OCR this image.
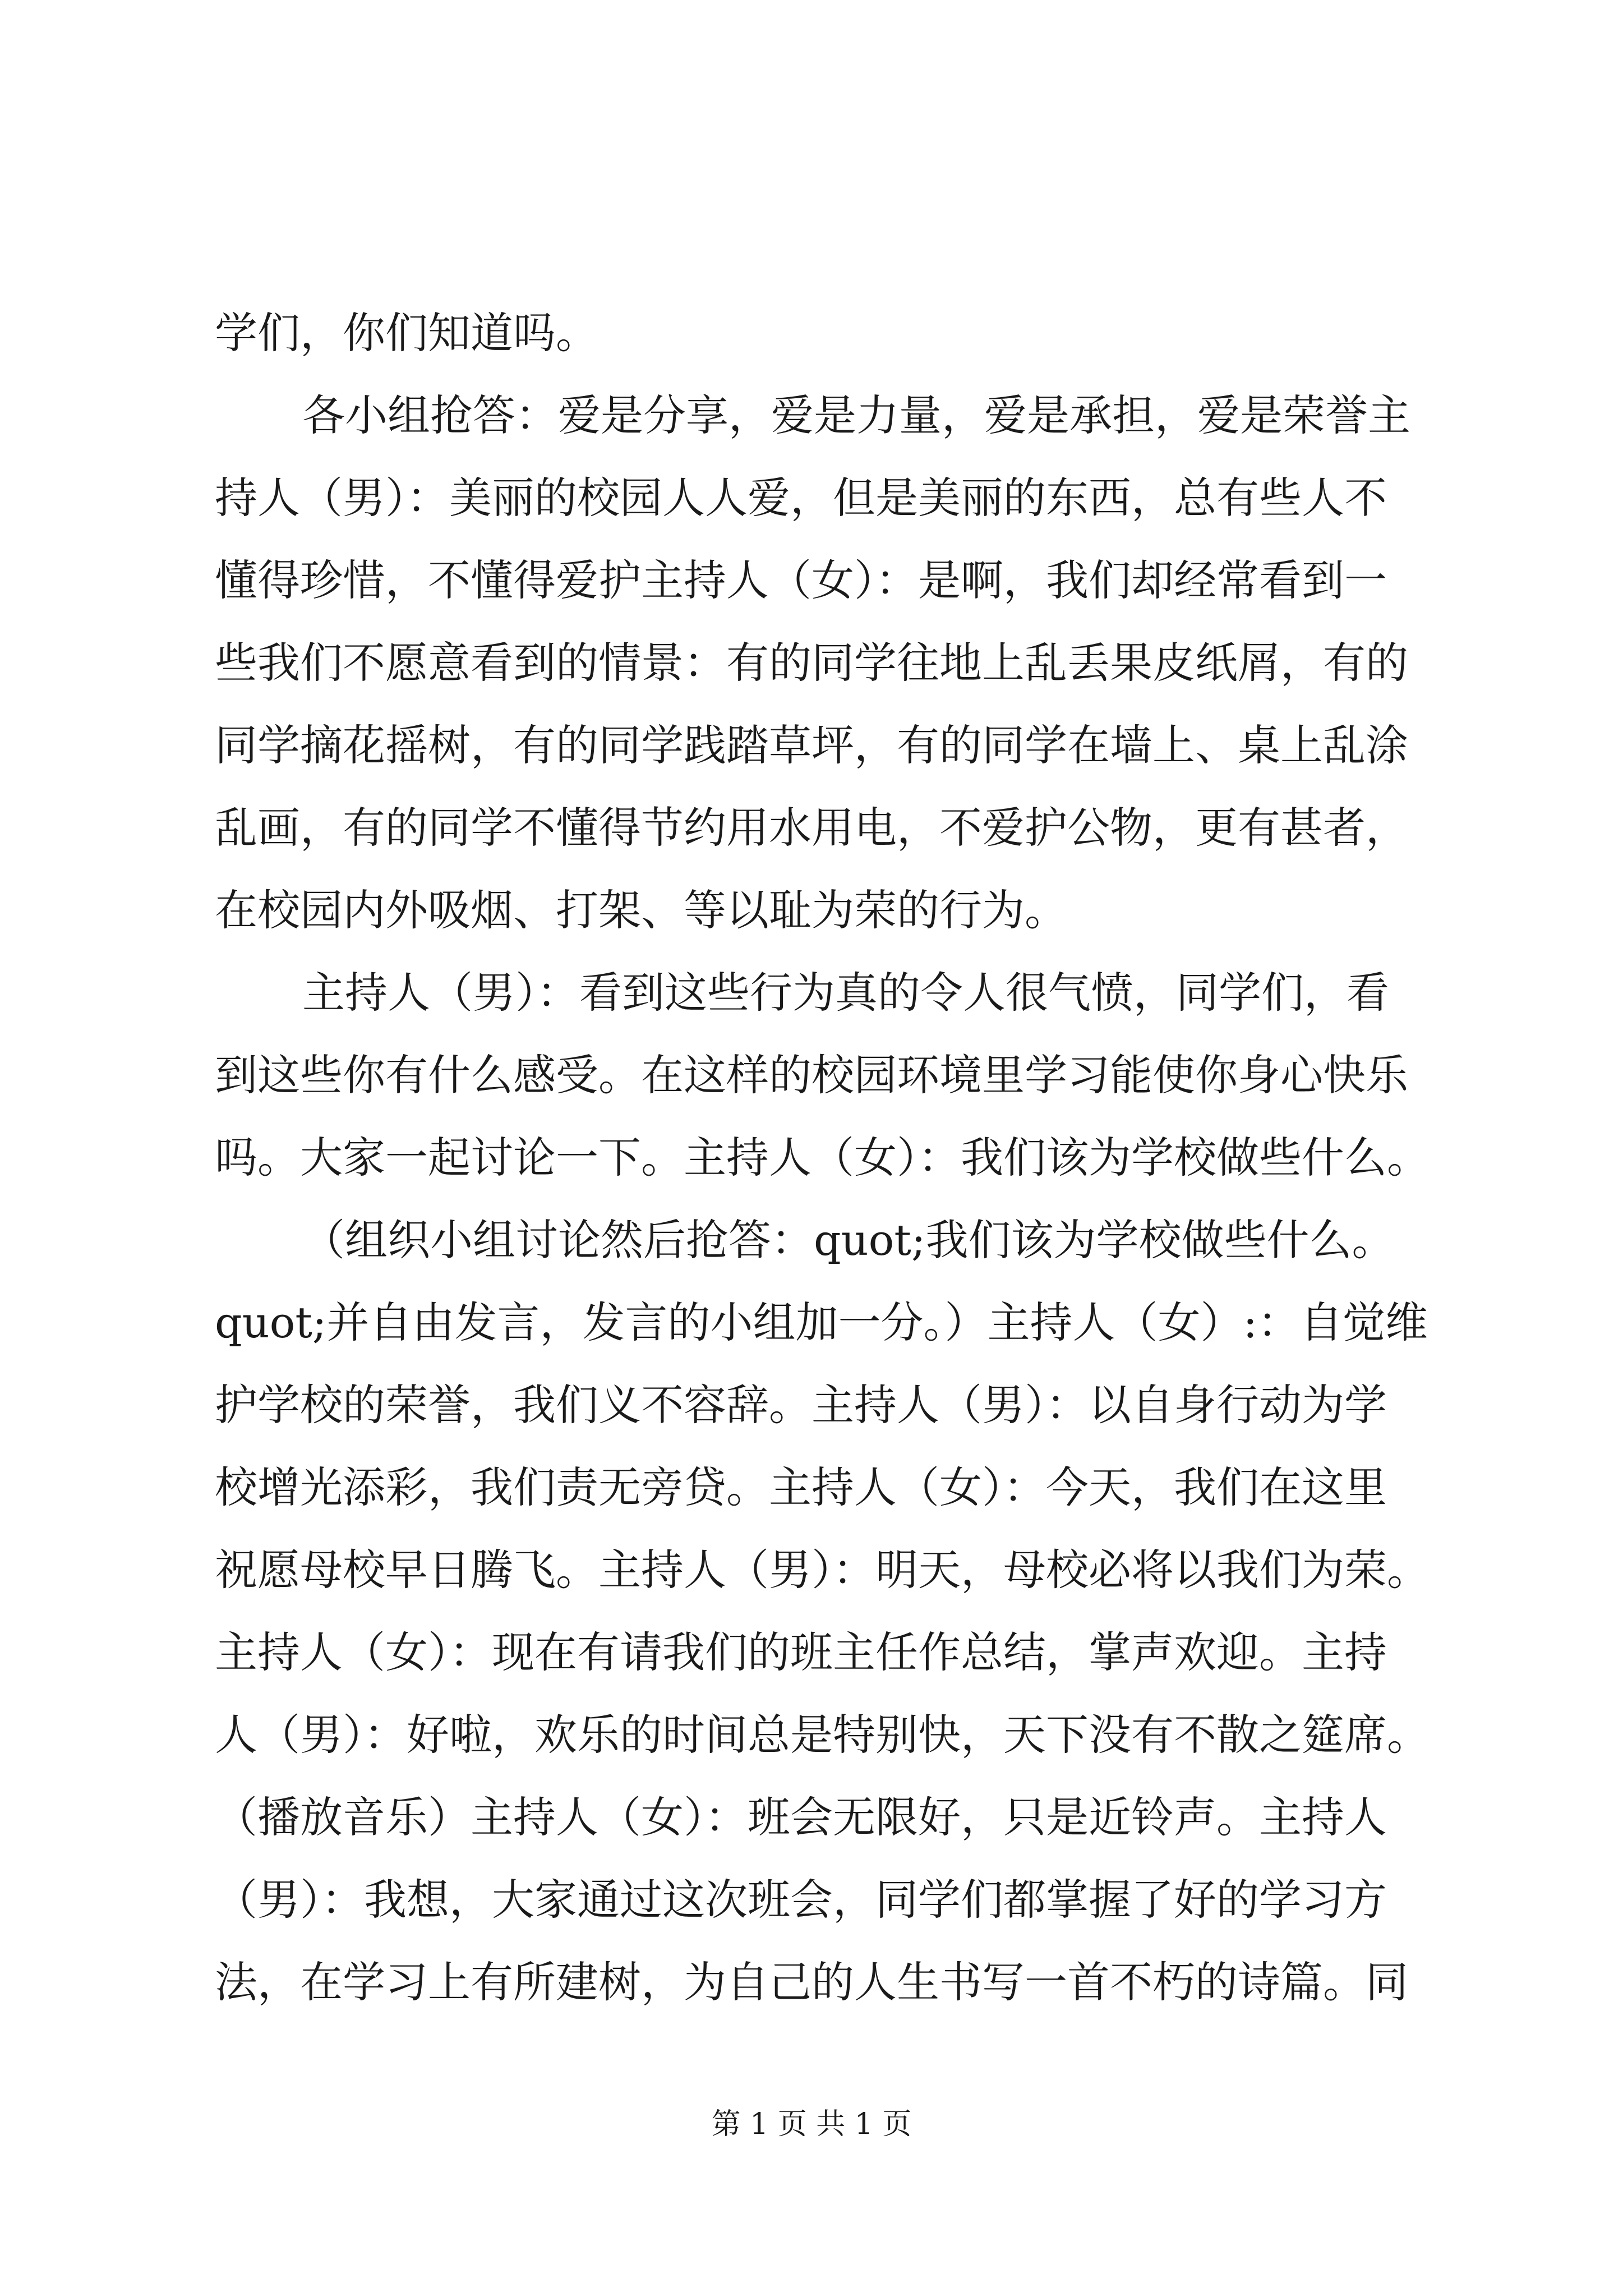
学们，你们知道吗。
各小组抢答：爱是分享，爱是力量，爱是承担，爱是荣誉主
持人（男）：美丽的校园人人爱，但是美丽的东西，总有些人不
懂得珍惜，不懂得爱护主持人（女）：是啊，我们却经常看到一
些我们不愿意看到的情景：有的同学往地上乱丢果皮纸屑，有的
同学摘花摇树，有的同学践踏草坪，有的同学在墙上、桌上乱涂
乱画，有的同学不懂得节约用水用电，不爱护公物，更有甚者，
在校园内外吸烟、打架、等以耻为荣的行为。
主持人（男）：看到这些行为真的令人很气愤，同学们，看
到这些你有什么感受。在这样的校园环境里学习能使你身心快乐
吗。大家一起讨论一下。主持人（女）：我们该为学校做些什么。
（组织小组讨论然后抢答：quot;我们该为学校做些什么。
quot;并自由发言，发言的小组加一分。）主持人（女）:：自觉维
护学校的荣誉，我们义不容辞。主持人（男）：以自身行动为学
校增光添彩，我们责无旁贷。主持人（女）：今天，我们在这里
祝愿母校早日腾飞。主持人（男）：明天，母校必将以我们为荣。
主持人（女）：现在有请我们的班主任作总结，掌声欢迎。主持
人（男）：好啦，欢乐的时间总是特别快，天下没有不散之筵席。
（播放音乐）主持人（女）：班会无限好，只是近铃声。主持人
（男）：我想，大家通过这次班会，同学们都掌握了好的学习方
法，在学习上有所建树，为自己的人生书写一首不朽的诗篇。同
第 1 页 共 1 页
